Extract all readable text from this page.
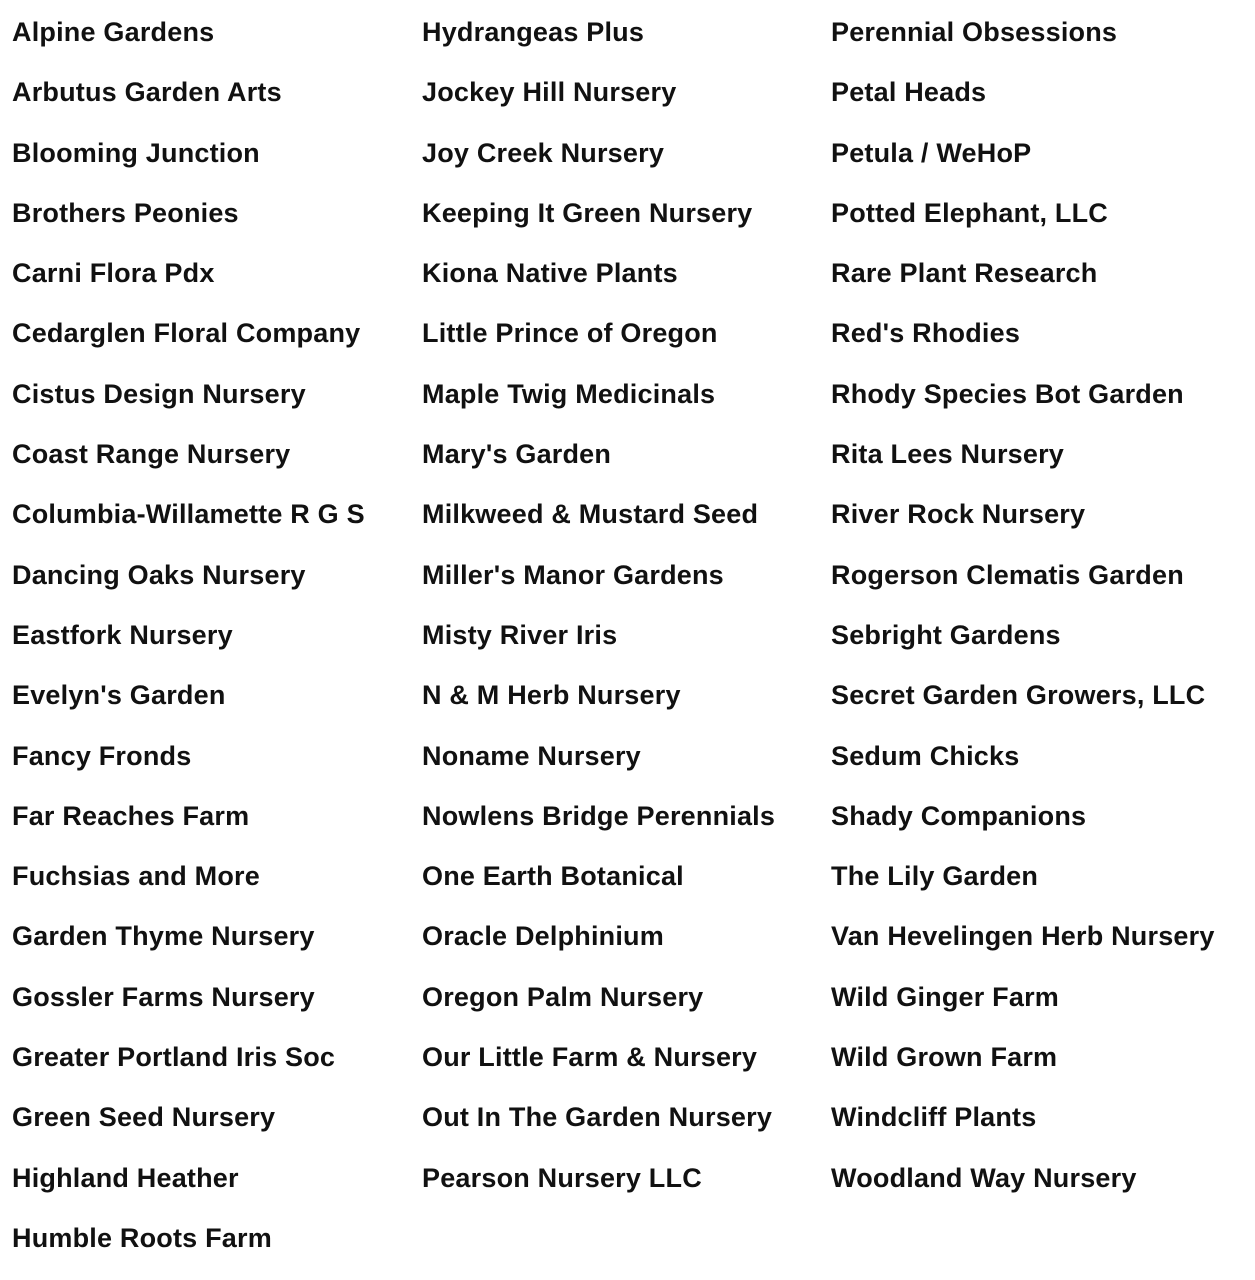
Alpine Gardens
Arbutus Garden Arts
Blooming Junction
Brothers Peonies
Carni Flora Pdx
Cedarglen Floral Company
Cistus Design Nursery
Coast Range Nursery
Columbia-Willamette R G S
Dancing Oaks Nursery
Eastfork Nursery
Evelyn's Garden
Fancy Fronds
Far Reaches Farm
Fuchsias and More
Garden Thyme Nursery
Gossler Farms Nursery
Greater Portland Iris Soc
Green Seed Nursery
Highland Heather
Humble Roots Farm
Hydrangeas Plus
Jockey Hill Nursery
Joy Creek Nursery
Keeping It Green Nursery
Kiona Native Plants
Little Prince of Oregon
Maple Twig Medicinals
Mary's Garden
Milkweed & Mustard Seed
Miller's Manor Gardens
Misty River Iris
N & M Herb Nursery
Noname Nursery
Nowlens Bridge Perennials
One Earth Botanical
Oracle Delphinium
Oregon Palm Nursery
Our Little Farm & Nursery
Out In The Garden Nursery
Pearson Nursery LLC
Perennial Obsessions
Petal Heads
Petula / WeHoP
Potted Elephant, LLC
Rare Plant Research
Red's Rhodies
Rhody Species Bot Garden
Rita Lees Nursery
River Rock Nursery
Rogerson Clematis Garden
Sebright Gardens
Secret Garden Growers, LLC
Sedum Chicks
Shady Companions
The Lily Garden
Van Hevelingen Herb Nursery
Wild Ginger Farm
Wild Grown Farm
Windcliff Plants
Woodland Way Nursery
